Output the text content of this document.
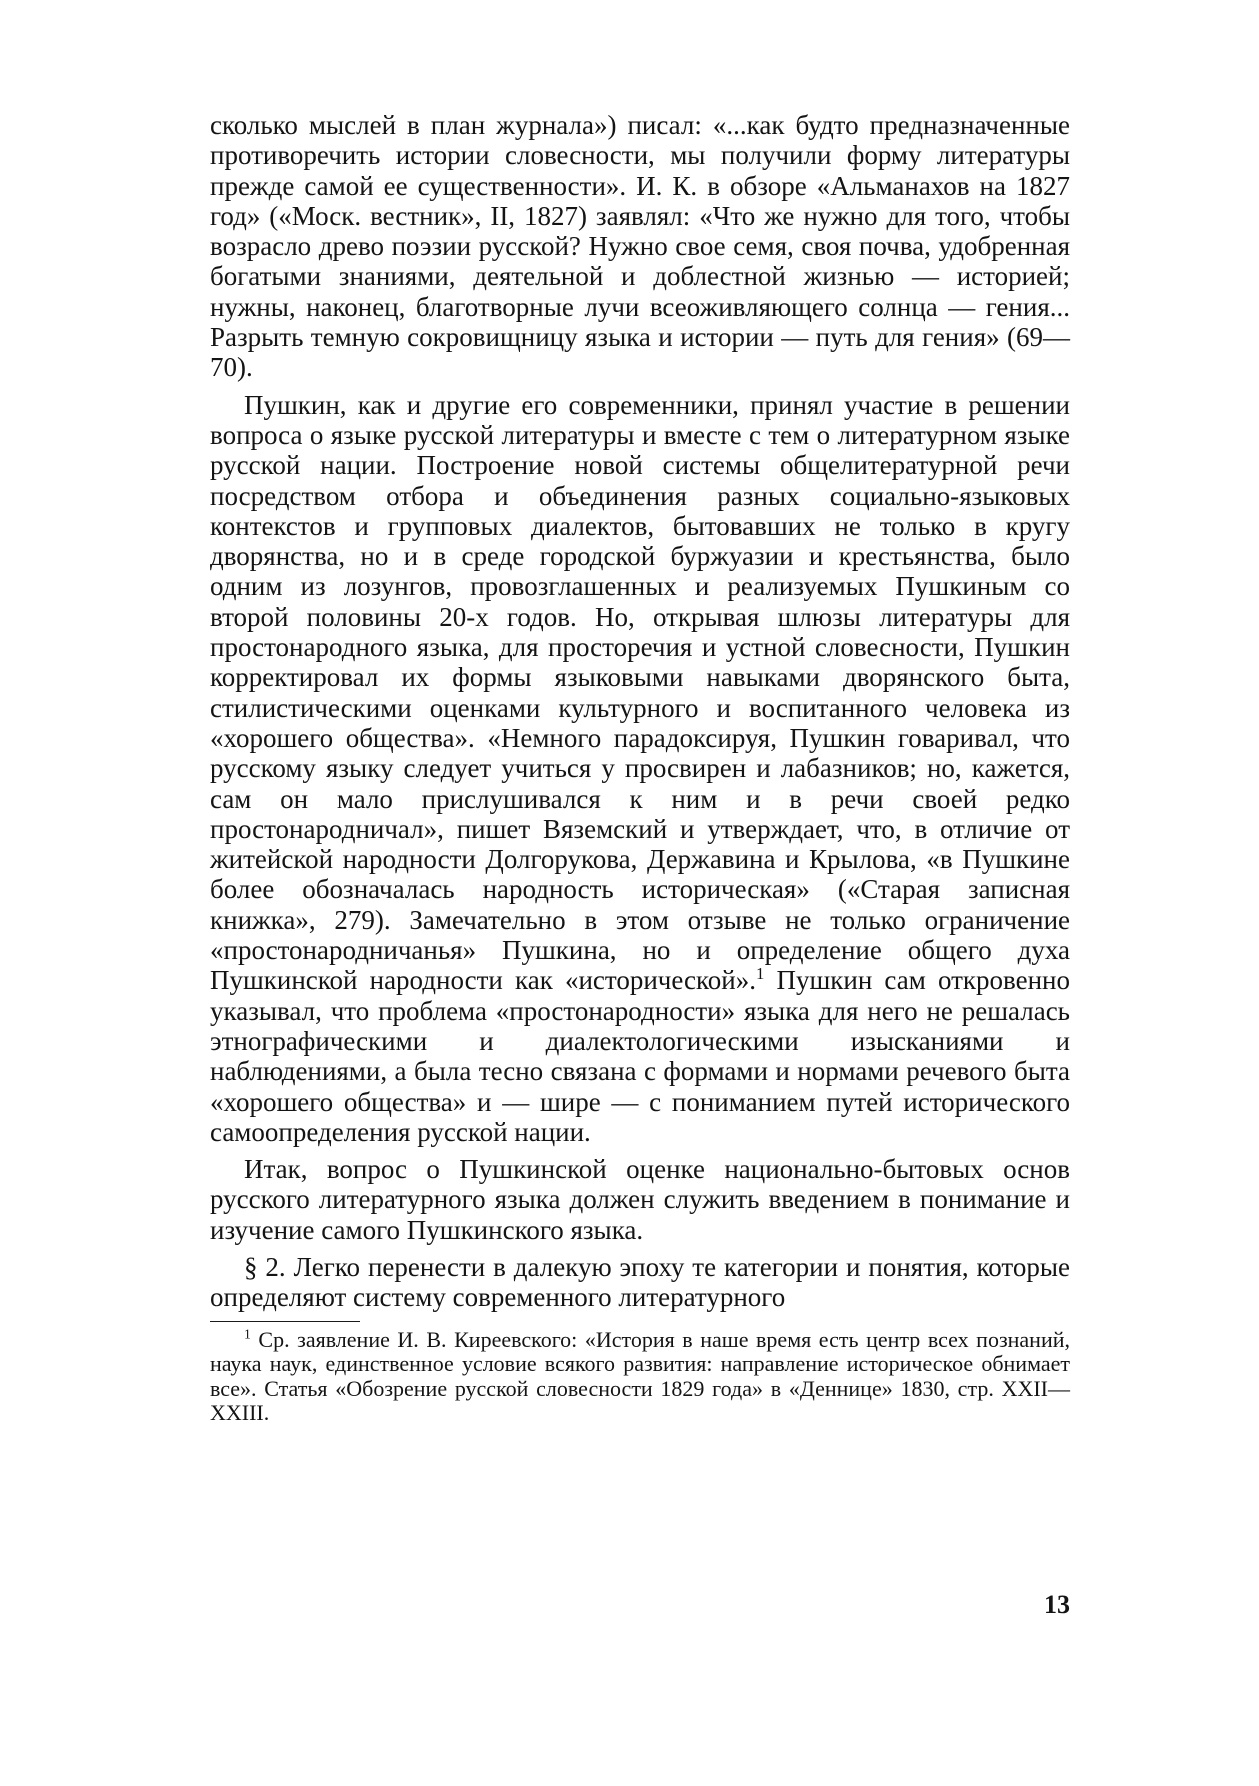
сколько мыслей в план журнала») писал: «...как будто предназначенные противоречить истории словесности, мы получили форму литературы прежде самой ее существенности». И. К. в обзоре «Альманахов на 1827 год» («Моск. вестник», II, 1827) заявлял: «Что же нужно для того, чтобы возрасло древо поэзии русской? Нужно свое семя, своя почва, удобренная богатыми знаниями, деятельной и доблестной жизнью — историей; нужны, наконец, благотворные лучи всеоживляющего солнца — гения... Разрыть темную сокровищницу языка и истории — путь для гения» (69—70).

Пушкин, как и другие его современники, принял участие в решении вопроса о языке русской литературы и вместе с тем о литературном языке русской нации. Построение новой системы общелитературной речи посредством отбора и объединения разных социально-языковых контекстов и групповых диалектов, бытовавших не только в кругу дворянства, но и в среде городской буржуазии и крестьянства, было одним из лозунгов, провозглашенных и реализуемых Пушкиным со второй половины 20-х годов. Но, открывая шлюзы литературы для простонародного языка, для просторечия и устной словесности, Пушкин корректировал их формы языковыми навыками дворянского быта, стилистическими оценками культурного и воспитанного человека из «хорошего общества». «Немного парадоксируя, Пушкин говаривал, что русскому языку следует учиться у просвирен и лабазников; но, кажется, сам он мало прислушивался к ним и в речи своей редко простонародничал», пишет Вяземский и утверждает, что, в отличие от житейской народности Долгорукова, Державина и Крылова, «в Пушкине более обозначалась народность историческая» («Старая записная книжка», 279). Замечательно в этом отзыве не только ограничение «простонародничанья» Пушкина, но и определение общего духа Пушкинской народности как «исторической».$^1$ Пушкин сам откровенно указывал, что проблема «простонародности» языка для него не решалась этнографическими и диалектологическими изысканиями и наблюдениями, а была тесно связана с формами и нормами речевого быта «хорошего общества» и — шире — с пониманием путей исторического самоопределения русской нации.

Итак, вопрос о Пушкинской оценке национально-бытовых основ русского литературного языка должен служить введением в понимание и изучение самого Пушкинского языка.

§ 2. Легко перенести в далекую эпоху те категории и понятия, которые определяют систему современного литературного

$^1$ Ср. заявление И. В. Киреевского: «История в наше время есть центр всех познаний, наука наук, единственное условие всякого развития: направление историческое обнимает все». Статья «Обозрение русской словесности 1829 года» в «Деннице» 1830, стр. XXII—XXIII.

13
